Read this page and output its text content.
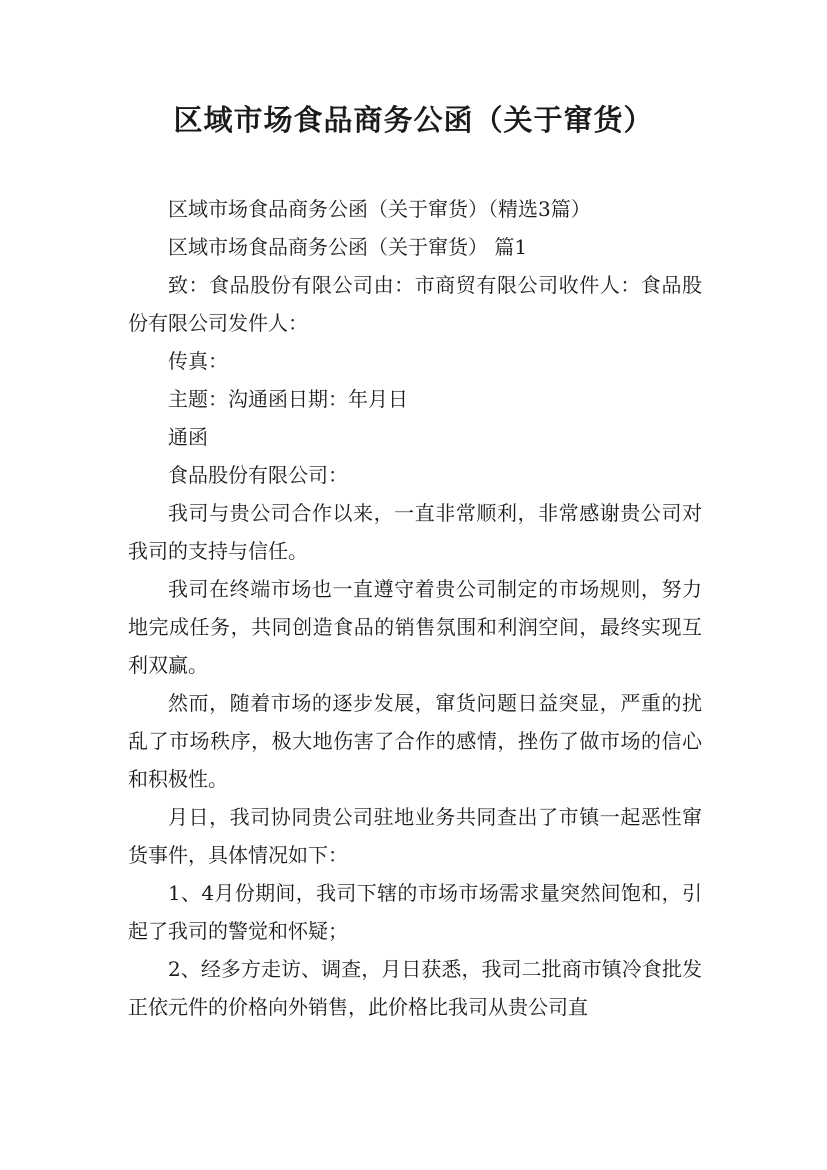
区域市场食品商务公函（关于窜货）

区域市场食品商务公函（关于窜货）（精选3篇）

区域市场食品商务公函（关于窜货） 篇1

致：食品股份有限公司由：市商贸有限公司收件人：食品股份有限公司发件人：

传真：

主题：沟通函日期：年月日

通函

食品股份有限公司：

我司与贵公司合作以来，一直非常顺利，非常感谢贵公司对我司的支持与信任。

我司在终端市场也一直遵守着贵公司制定的市场规则，努力地完成任务，共同创造食品的销售氛围和利润空间，最终实现互利双赢。

然而，随着市场的逐步发展，窜货问题日益突显，严重的扰乱了市场秩序，极大地伤害了合作的感情，挫伤了做市场的信心和积极性。

月日，我司协同贵公司驻地业务共同查出了市镇一起恶性窜货事件，具体情况如下：

1、4月份期间，我司下辖的市场市场需求量突然间饱和，引起了我司的警觉和怀疑；

2、经多方走访、调查，月日获悉，我司二批商市镇冷食批发正依元件的价格向外销售，此价格比我司从贵公司直
